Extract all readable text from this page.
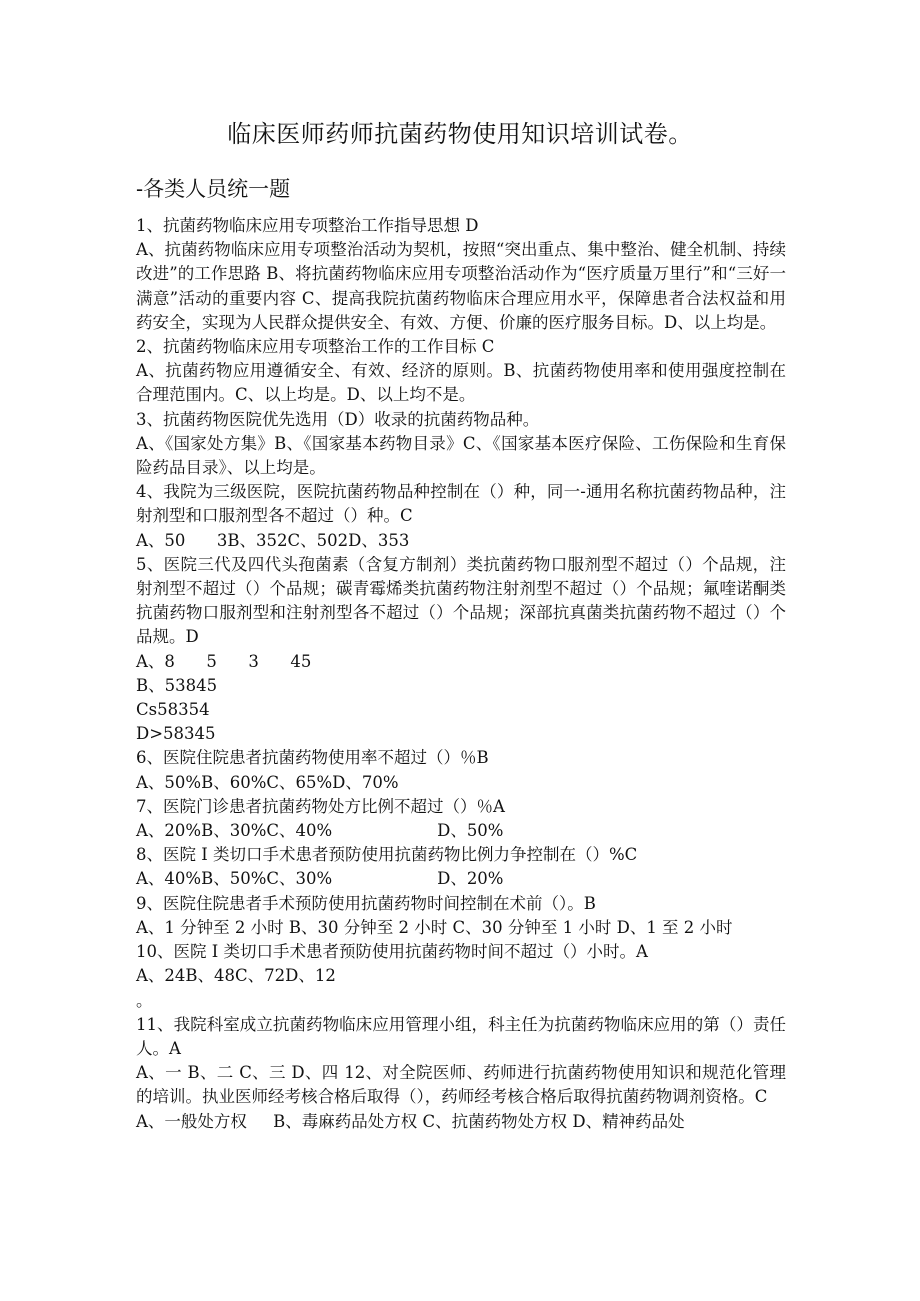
临床医师药师抗菌药物使用知识培训试卷。
-各类人员统一题

1、抗菌药物临床应用专项整治工作指导思想 D

A、抗菌药物临床应用专项整治活动为契机，按照“突出重点、集中整治、健全机制、持续改进”的工作思路 B、将抗菌药物临床应用专项整治活动作为“医疗质量万里行”和“三好一满意”活动的重要内容 C、提高我院抗菌药物临床合理应用水平，保障患者合法权益和用药安全，实现为人民群众提供安全、有效、方便、价廉的医疗服务目标。D、以上均是。

2、抗菌药物临床应用专项整治工作的工作目标 C

A、抗菌药物应用遵循安全、有效、经济的原则。B、抗菌药物使用率和使用强度控制在合理范围内。C、以上均是。D、以上均不是。

3、抗菌药物医院优先选用（D）收录的抗菌药物品种。

A、《国家处方集》B、《国家基本药物目录》C、《国家基本医疗保险、工伤保险和生育保险药品目录》、以上均是。

4、我院为三级医院，医院抗菌药物品种控制在（）种，同一-通用名称抗菌药物品种，注射剂型和口服剂型各不超过（）种。C

A、50      3B、352C、502D、353

5、医院三代及四代头孢菌素（含复方制剂）类抗菌药物口服剂型不超过（）个品规，注射剂型不超过（）个品规；碳青霉烯类抗菌药物注射剂型不超过（）个品规；氟喹诺酮类抗菌药物口服剂型和注射剂型各不超过（）个品规；深部抗真菌类抗菌药物不超过（）个品规。D

A、8      5      3      45

B、53845

Cs58354

D>58345

6、医院住院患者抗菌药物使用率不超过（）％B

A、50%B、60%C、65%D、70%

7、医院门诊患者抗菌药物处方比例不超过（）％A

A、20%B、30%C、40%                    D、50%

8、医院 I 类切口手术患者预防使用抗菌药物比例力争控制在（）%C

A、40%B、50%C、30%                    D、20%

9、医院住院患者手术预防使用抗菌药物时间控制在术前（）。B

A、1 分钟至 2 小时 B、30 分钟至 2 小时 C、30 分钟至 1 小时 D、1 至 2 小时

10、医院 I 类切口手术患者预防使用抗菌药物时间不超过（）小时。A

A、24B、48C、72D、12

。

11、我院科室成立抗菌药物临床应用管理小组，科主任为抗菌药物临床应用的第（）责任人。A

A、一 B、二 C、三 D、四 12、对全院医师、药师进行抗菌药物使用知识和规范化管理的培训。执业医师经考核合格后取得（），药师经考核合格后取得抗菌药物调剂资格。C

A、一般处方权     B、毒麻药品处方权 C、抗菌药物处方权 D、精神药品处
